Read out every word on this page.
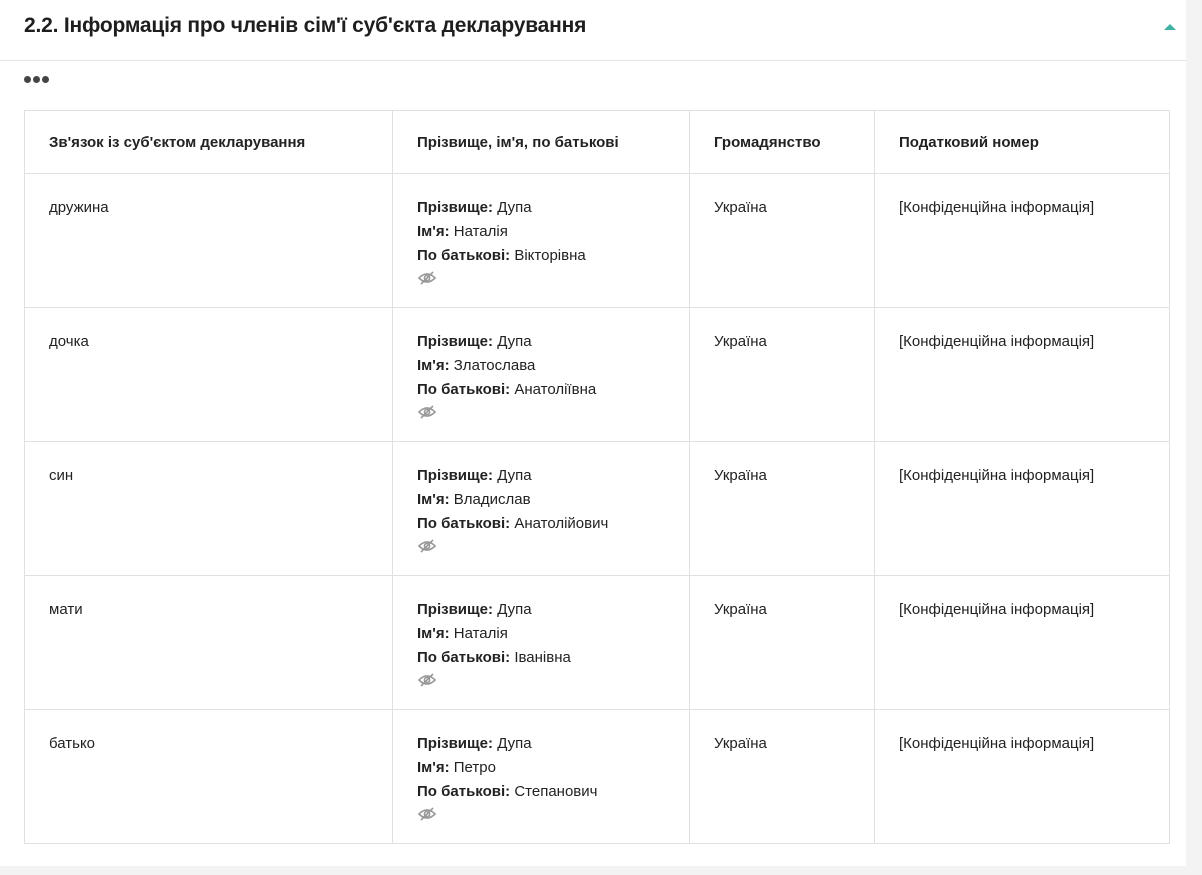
2.2. Інформація про членів сім'ї суб'єкта декларування
Зв'язок із суб'єктом декларування	Прізвище, ім'я, по батькові	Громадянство	Податковий номер
дружина	Прізвище: Дупа
Ім'я: Наталія
По батькові: Вікторівна	Україна	[Конфіденційна інформація]
дочка	Прізвище: Дупа
Ім'я: Златослава
По батькові: Анатоліївна	Україна	[Конфіденційна інформація]
син	Прізвище: Дупа
Ім'я: Владислав
По батькові: Анатолійович	Україна	[Конфіденційна інформація]
мати	Прізвище: Дупа
Ім'я: Наталія
По батькові: Іванівна	Україна	[Конфіденційна інформація]
батько	Прізвище: Дупа
Ім'я: Петро
По батькові: Степанович	Україна	[Конфіденційна інформація]
